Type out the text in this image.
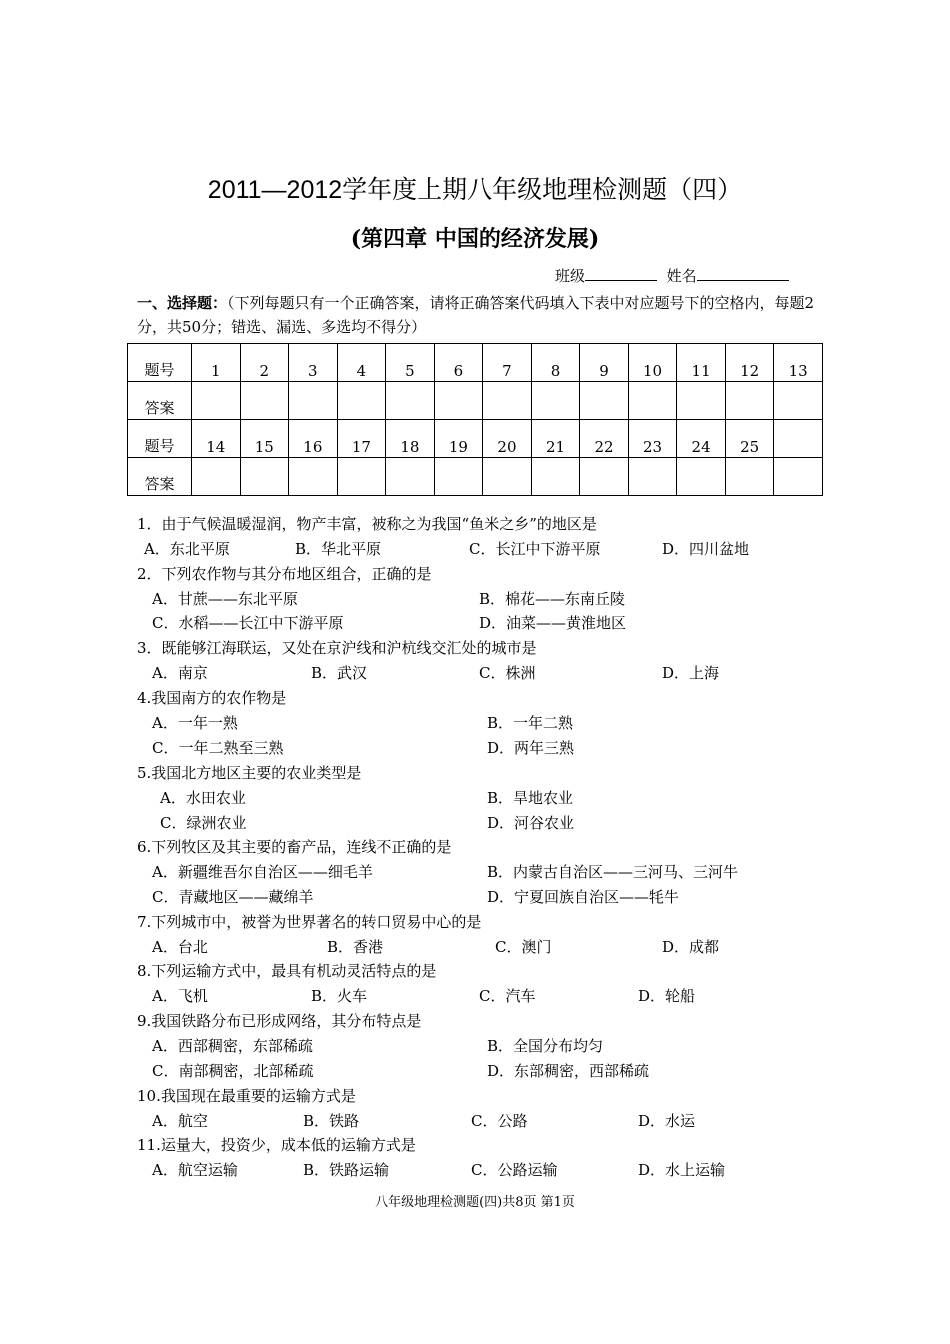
2011—2012学年度上期八年级地理检测题（四）
(第四章 中国的经济发展)
班级	姓名
一、选择题：（下列每题只有一个正确答案，请将正确答案代码填入下表中对应题号下的空格内，每题2分，共50分；错选、漏选、多选均不得分）
题号	1	2	3	4	5	6	7	8	9	10	11	12	13
答案													
题号	14	15	16	17	18	19	20	21	22	23	24	25	
答案													
1．由于气候温暖湿润，物产丰富，被称之为我国“鱼米之乡”的地区是
A．东北平原	B．华北平原	C．长江中下游平原	D．四川盆地
2．下列农作物与其分布地区组合，正确的是
A．甘蔗——东北平原	B．棉花——东南丘陵
C．水稻——长江中下游平原	D．油菜——黄淮地区
3．既能够江海联运，又处在京沪线和沪杭线交汇处的城市是
A．南京	B．武汉	C．株洲	D．上海
4.我国南方的农作物是
A．一年一熟	B．一年二熟
C．一年二熟至三熟	D．两年三熟
5.我国北方地区主要的农业类型是
A．水田农业	B．旱地农业
C．绿洲农业	D．河谷农业
6.下列牧区及其主要的畜产品，连线不正确的是
A．新疆维吾尔自治区——细毛羊	B．内蒙古自治区——三河马、三河牛
C．青藏地区——藏绵羊	D．宁夏回族自治区——牦牛
7.下列城市中，被誉为世界著名的转口贸易中心的是
A．台北	B．香港	C．澳门	D．成都
8.下列运输方式中，最具有机动灵活特点的是
A．飞机	B．火车	C．汽车	D．轮船
9.我国铁路分布已形成网络，其分布特点是
A．西部稠密，东部稀疏	B．全国分布均匀
C．南部稠密，北部稀疏	D．东部稠密，西部稀疏
10.我国现在最重要的运输方式是
A．航空	B．铁路	C．公路	D．水运
11.运量大，投资少，成本低的运输方式是
A．航空运输	B．铁路运输	C．公路运输	D．水上运输
八年级地理检测题(四)共8页 第1页
